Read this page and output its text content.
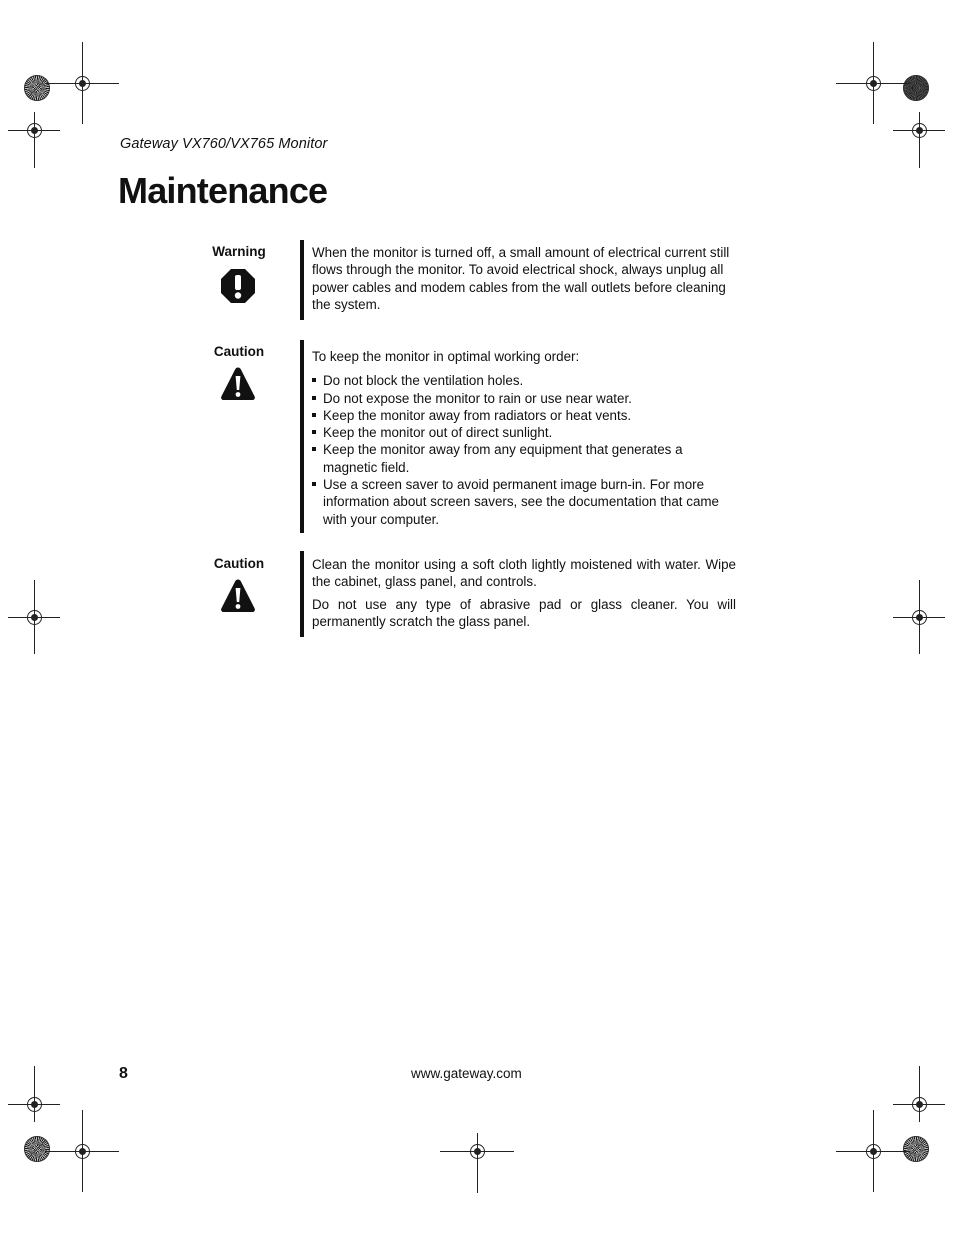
Gateway VX760/VX765 Monitor
Maintenance
Warning	When the monitor is turned off, a small amount of electrical current still flows through the monitor. To avoid electrical shock, always unplug all power cables and modem cables from the wall outlets before cleaning the system.

Caution	To keep the monitor in optimal working order:

Do not block the ventilation holes.
Do not expose the monitor to rain or use near water.
Keep the monitor away from radiators or heat vents.
Keep the monitor out of direct sunlight.
Keep the monitor away from any equipment that generates a magnetic field.
Use a screen saver to avoid permanent image burn-in. For more information about screen savers, see the documentation that came with your computer.
Caution	Clean the monitor using a soft cloth lightly moistened with water. Wipe the cabinet, glass panel, and controls.

Do not use any type of abrasive pad or glass cleaner. You will permanently scratch the glass panel.

8	www.gateway.com
